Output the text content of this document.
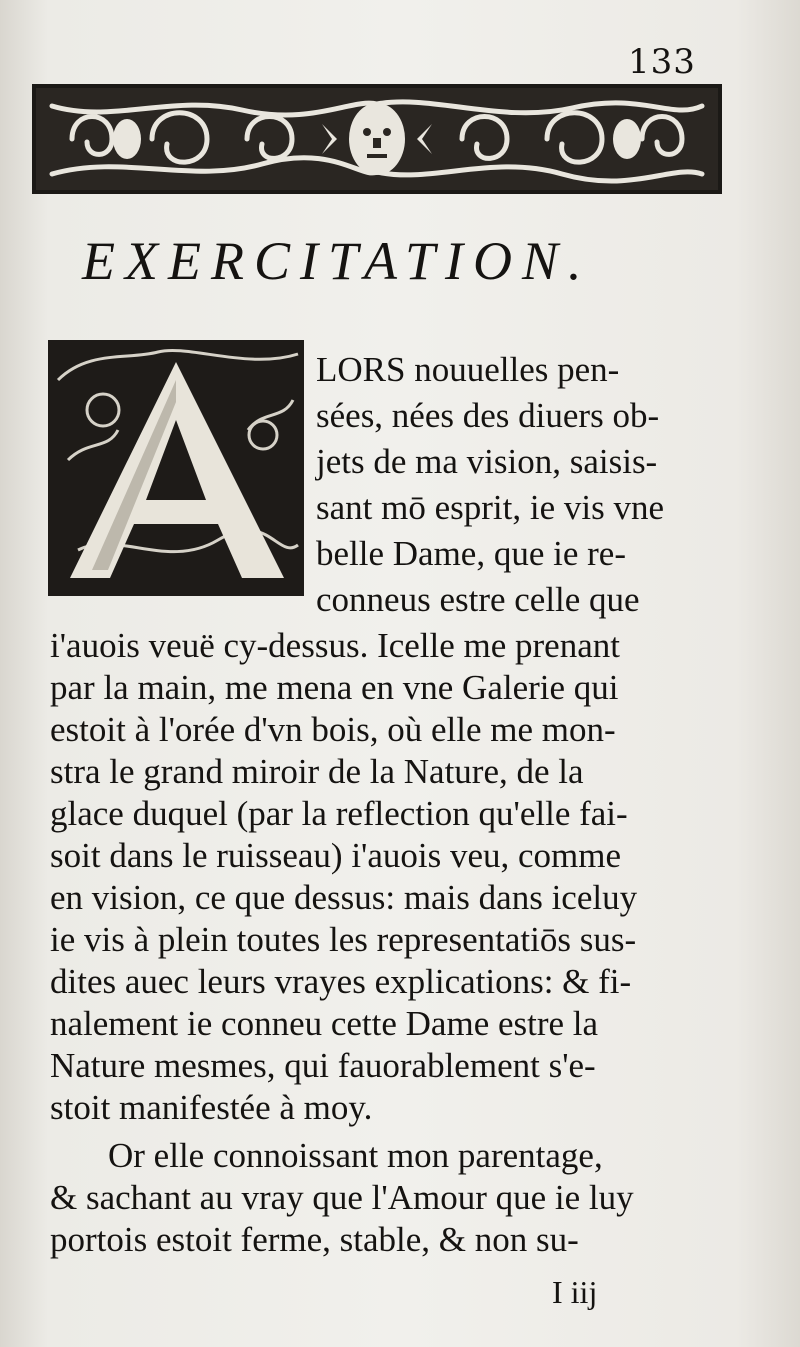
133
EXERCITATION.
LORS nouuelles pen-
sées, nées des diuers ob-
jets de ma vision, saisis-
sant mō esprit, ie vis vne
belle Dame, que ie re-
conneus estre celle que
i'auois veuë cy-dessus. Icelle me prenant
par la main, me mena en vne Galerie qui
estoit à l'orée d'vn bois, où elle me mon-
stra le grand miroir de la Nature, de la
glace duquel (par la reflection qu'elle fai-
soit dans le ruisseau) i'auois veu, comme
en vision, ce que dessus: mais dans iceluy
ie vis à plein toutes les representatiōs sus-
dites auec leurs vrayes explications: & fi-
nalement ie conneu cette Dame estre la
Nature mesmes, qui fauorablement s'e-
stoit manifestée à moy.
Or elle connoissant mon parentage,
& sachant au vray que l'Amour que ie luy
portois estoit ferme, stable, & non su-
I iij
